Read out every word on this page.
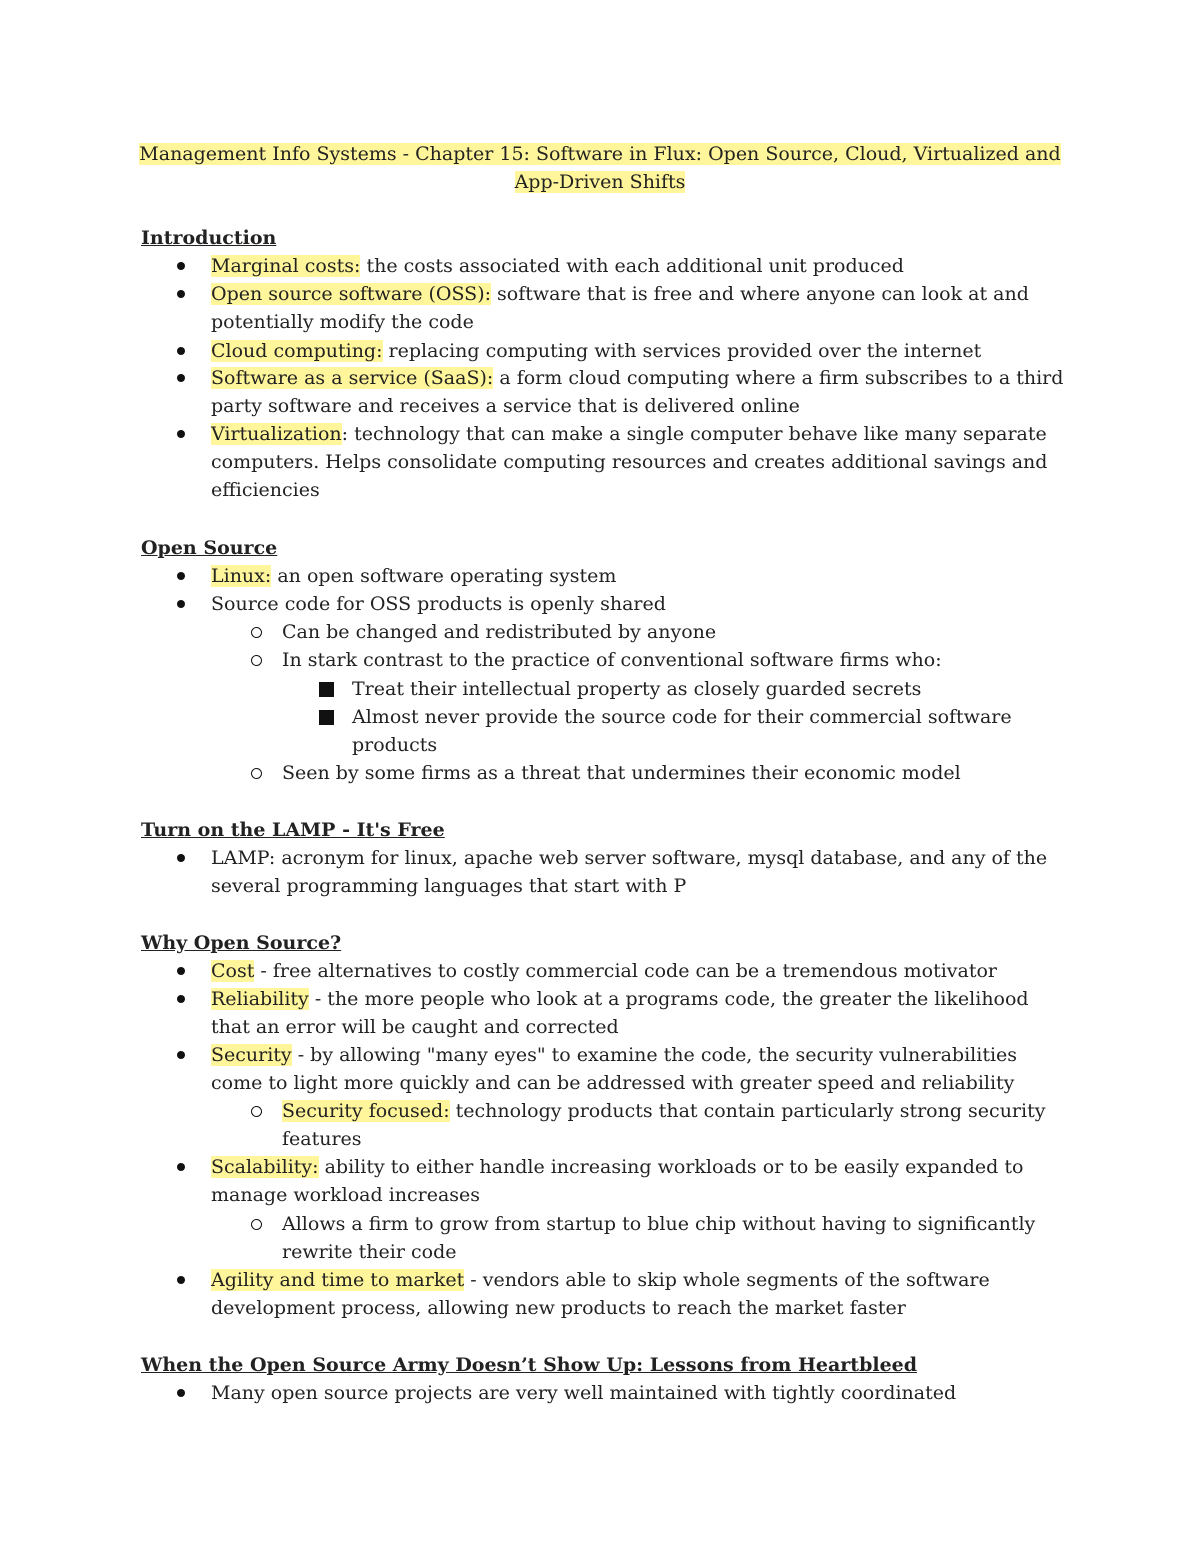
Management Info Systems - Chapter 15: Software in Flux: Open Source, Cloud, Virtualized and
App-Driven Shifts
Introduction
Marginal costs: the costs associated with each additional unit produced
Open source software (OSS): software that is free and where anyone can look at and potentially modify the code
Cloud computing: replacing computing with services provided over the internet
Software as a service (SaaS): a form cloud computing where a firm subscribes to a third party software and receives a service that is delivered online
Virtualization: technology that can make a single computer behave like many separate computers. Helps consolidate computing resources and creates additional savings and efficiencies
Open Source
Linux: an open software operating system
Source code for OSS products is openly shared
Can be changed and redistributed by anyone
In stark contrast to the practice of conventional software firms who:
Treat their intellectual property as closely guarded secrets
Almost never provide the source code for their commercial software products
Seen by some firms as a threat that undermines their economic model
Turn on the LAMP - It's Free
LAMP: acronym for linux, apache web server software, mysql database, and any of the several programming languages that start with P
Why Open Source?
Cost - free alternatives to costly commercial code can be a tremendous motivator
Reliability - the more people who look at a programs code, the greater the likelihood that an error will be caught and corrected
Security - by allowing "many eyes" to examine the code, the security vulnerabilities come to light more quickly and can be addressed with greater speed and reliability
Security focused: technology products that contain particularly strong security features
Scalability: ability to either handle increasing workloads or to be easily expanded to manage workload increases
Allows a firm to grow from startup to blue chip without having to significantly rewrite their code
Agility and time to market - vendors able to skip whole segments of the software development process, allowing new products to reach the market faster
When the Open Source Army Doesn’t Show Up: Lessons from Heartbleed
Many open source projects are very well maintained with tightly coordinated
